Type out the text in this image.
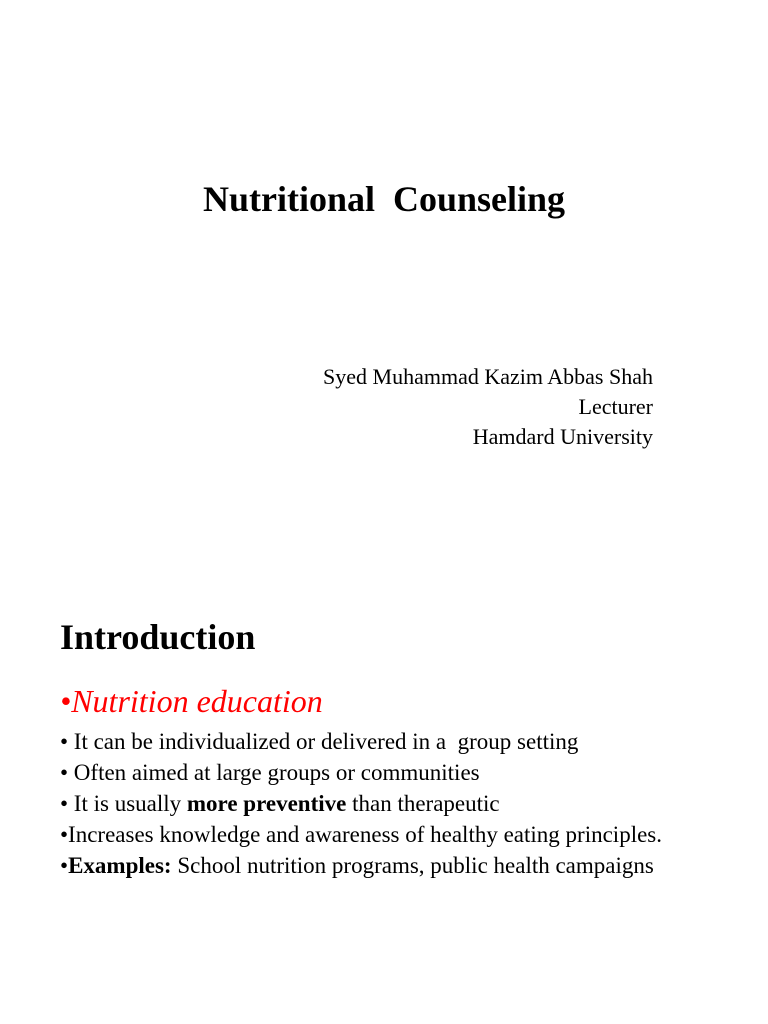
Nutritional  Counseling
Syed Muhammad Kazim Abbas Shah
Lecturer
Hamdard University
Introduction
•Nutrition education
• It can be individualized or delivered in a  group setting
• Often aimed at large groups or communities
• It is usually more preventive than therapeutic
•Increases knowledge and awareness of healthy eating principles.
•Examples: School nutrition programs, public health campaigns
